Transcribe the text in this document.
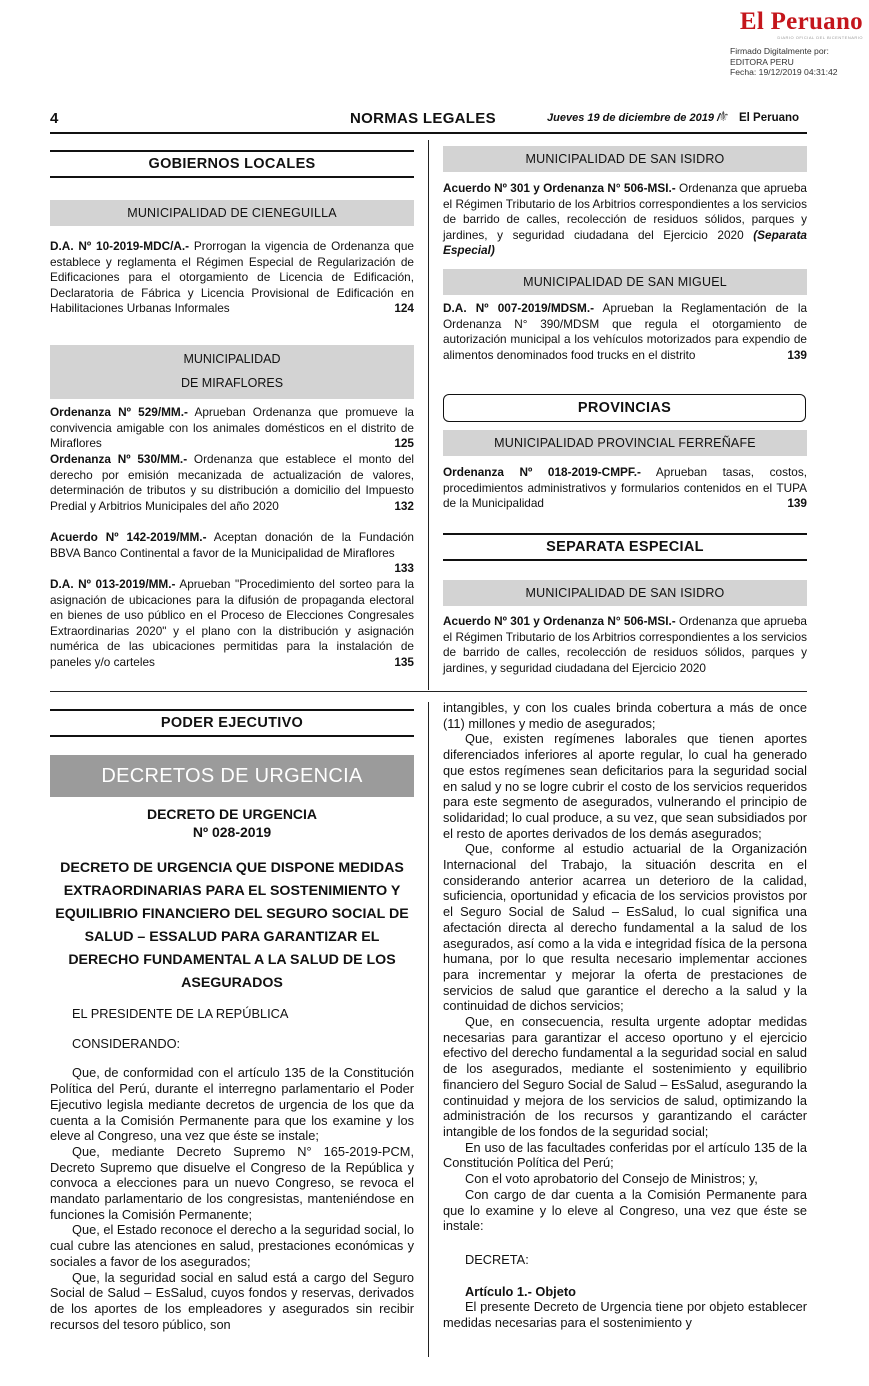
El Peruano
DIARIO OFICIAL DEL BICENTENARIO
Firmado Digitalmente por:
EDITORA PERU
Fecha: 19/12/2019 04:31:42
4	NORMAS LEGALES	Jueves 19 de diciembre de 2019 /
⚜ El Peruano
GOBIERNOS LOCALES
MUNICIPALIDAD DE CIENEGUILLA
D.A. Nº 10-2019-MDC/A.- Prorrogan la vigencia de Ordenanza que establece y reglamenta el Régimen Especial de Regularización de Edificaciones para el otorgamiento de Licencia de Edificación, Declaratoria de Fábrica y Licencia Provisional de Edificación en Habilitaciones Urbanas Informales	124
MUNICIPALIDAD
DE MIRAFLORES
Ordenanza Nº 529/MM.- Aprueban Ordenanza que promueve la convivencia amigable con los animales domésticos en el distrito de Miraflores	125
Ordenanza Nº 530/MM.- Ordenanza que establece el monto del derecho por emisión mecanizada de actualización de valores, determinación de tributos y su distribución a domicilio del Impuesto Predial y Arbitrios Municipales del año 2020	132
Acuerdo Nº 142-2019/MM.- Aceptan donación de la Fundación BBVA Banco Continental a favor de la Municipalidad de Miraflores
133
D.A. Nº 013-2019/MM.- Aprueban "Procedimiento del sorteo para la asignación de ubicaciones para la difusión de propaganda electoral en bienes de uso público en el Proceso de Elecciones Congresales Extraordinarias 2020" y el plano con la distribución y asignación numérica de las ubicaciones permitidas para la instalación de paneles y/o carteles	135
MUNICIPALIDAD DE SAN ISIDRO
Acuerdo Nº 301 y Ordenanza N° 506-MSI.- Ordenanza que aprueba el Régimen Tributario de los Arbitrios correspondientes a los servicios de barrido de calles, recolección de residuos sólidos, parques y jardines, y seguridad ciudadana del Ejercicio 2020 (Separata Especial)
MUNICIPALIDAD DE SAN MIGUEL
D.A. Nº 007-2019/MDSM.- Aprueban la Reglamentación de la Ordenanza N° 390/MDSM que regula el otorgamiento de autorización municipal a los vehículos motorizados para expendio de alimentos denominados food trucks en el distrito	139
PROVINCIAS
MUNICIPALIDAD PROVINCIAL FERREÑAFE
Ordenanza Nº 018-2019-CMPF.- Aprueban tasas, costos, procedimientos administrativos y formularios contenidos en el TUPA de la Municipalidad	139
SEPARATA ESPECIAL
MUNICIPALIDAD DE SAN ISIDRO
Acuerdo Nº 301 y Ordenanza N° 506-MSI.- Ordenanza que aprueba el Régimen Tributario de los Arbitrios correspondientes a los servicios de barrido de calles, recolección de residuos sólidos, parques y jardines, y seguridad ciudadana del Ejercicio 2020
PODER EJECUTIVO
DECRETOS DE URGENCIA
DECRETO DE URGENCIA
Nº 028-2019
DECRETO DE URGENCIA QUE DISPONE MEDIDAS EXTRAORDINARIAS PARA EL SOSTENIMIENTO Y EQUILIBRIO FINANCIERO DEL SEGURO SOCIAL DE SALUD – ESSALUD PARA GARANTIZAR EL DERECHO FUNDAMENTAL A LA SALUD DE LOS ASEGURADOS

EL PRESIDENTE DE LA REPÚBLICA

CONSIDERANDO:

Que, de conformidad con el artículo 135 de la Constitución Política del Perú, durante el interregno parlamentario el Poder Ejecutivo legisla mediante decretos de urgencia de los que da cuenta a la Comisión Permanente para que los examine y los eleve al Congreso, una vez que éste se instale;

Que, mediante Decreto Supremo N° 165-2019-PCM, Decreto Supremo que disuelve el Congreso de la República y convoca a elecciones para un nuevo Congreso, se revoca el mandato parlamentario de los congresistas, manteniéndose en funciones la Comisión Permanente;

Que, el Estado reconoce el derecho a la seguridad social, lo cual cubre las atenciones en salud, prestaciones económicas y sociales a favor de los asegurados;

Que, la seguridad social en salud está a cargo del Seguro Social de Salud – EsSalud, cuyos fondos y reservas, derivados de los aportes de los empleadores y asegurados sin recibir recursos del tesoro público, son

intangibles, y con los cuales brinda cobertura a más de once (11) millones y medio de asegurados;

Que, existen regímenes laborales que tienen aportes diferenciados inferiores al aporte regular, lo cual ha generado que estos regímenes sean deficitarios para la seguridad social en salud y no se logre cubrir el costo de los servicios requeridos para este segmento de asegurados, vulnerando el principio de solidaridad; lo cual produce, a su vez, que sean subsidiados por el resto de aportes derivados de los demás asegurados;

Que, conforme al estudio actuarial de la Organización Internacional del Trabajo, la situación descrita en el considerando anterior acarrea un deterioro de la calidad, suficiencia, oportunidad y eficacia de los servicios provistos por el Seguro Social de Salud – EsSalud, lo cual significa una afectación directa al derecho fundamental a la salud de los asegurados, así como a la vida e integridad física de la persona humana, por lo que resulta necesario implementar acciones para incrementar y mejorar la oferta de prestaciones de servicios de salud que garantice el derecho a la salud y la continuidad de dichos servicios;

Que, en consecuencia, resulta urgente adoptar medidas necesarias para garantizar el acceso oportuno y el ejercicio efectivo del derecho fundamental a la seguridad social en salud de los asegurados, mediante el sostenimiento y equilibrio financiero del Seguro Social de Salud – EsSalud, asegurando la continuidad y mejora de los servicios de salud, optimizando la administración de los recursos y garantizando el carácter intangible de los fondos de la seguridad social;

En uso de las facultades conferidas por el artículo 135 de la Constitución Política del Perú;

Con el voto aprobatorio del Consejo de Ministros; y,

Con cargo de dar cuenta a la Comisión Permanente para que lo examine y lo eleve al Congreso, una vez que éste se instale:

DECRETA:

Artículo 1.- Objeto

El presente Decreto de Urgencia tiene por objeto establecer medidas necesarias para el sostenimiento y
